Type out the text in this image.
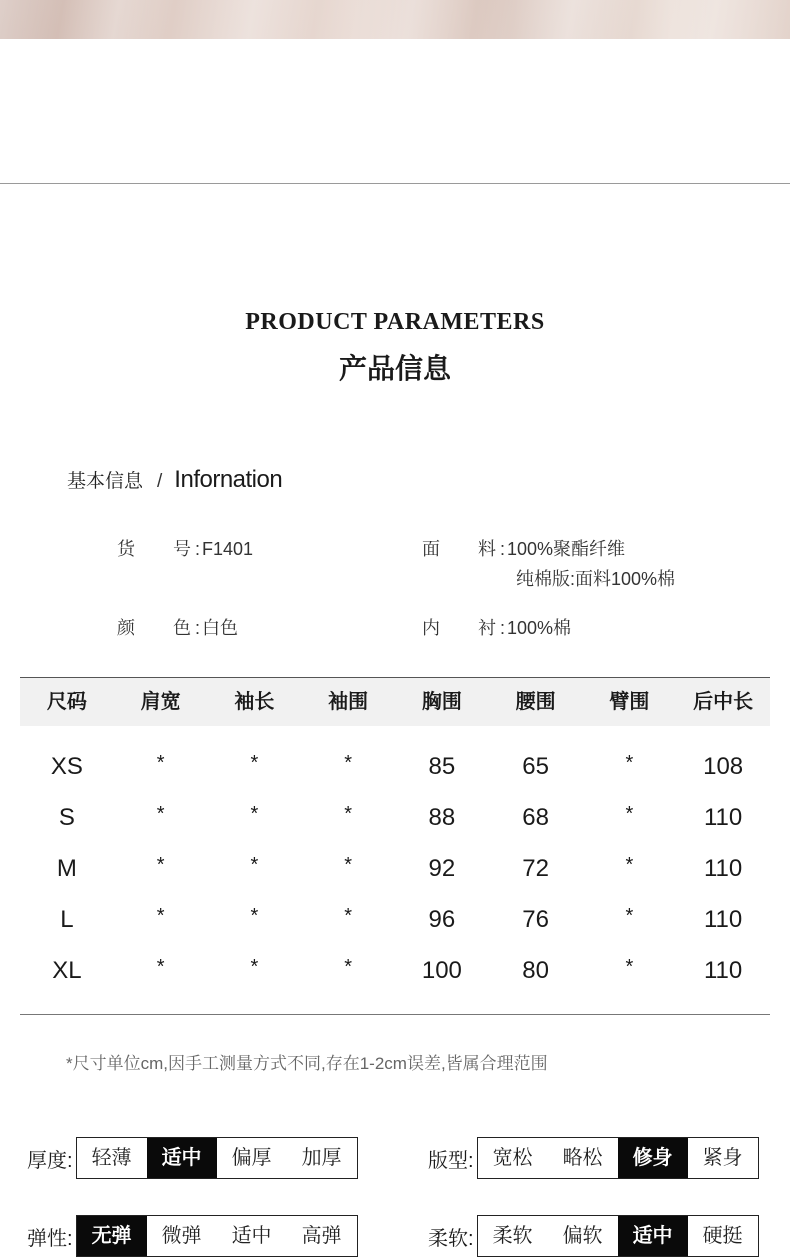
PRODUCT PARAMETERS
产品信息
基本信息 / Infornation
货 号 : F1401	面 料 : 100%聚酯纤维
纯棉版:面料100%棉
颜 色 : 白色	内 衬 : 100%棉
尺码	肩宽	袖长	袖围	胸围	腰围	臂围	后中长
XS	*	*	*	85	65	*	108
S	*	*	*	88	68	*	110
M	*	*	*	92	72	*	110
L	*	*	*	96	76	*	110
XL	*	*	*	100	80	*	110
*尺寸单位cm,因手工测量方式不同,存在1-2cm误差,皆属合理范围
厚度: 轻薄	适中	偏厚	加厚	版型: 宽松	略松	修身	紧身
弹性: 无弹	微弹	适中	高弹	柔软: 柔软	偏软	适中	硬挺
